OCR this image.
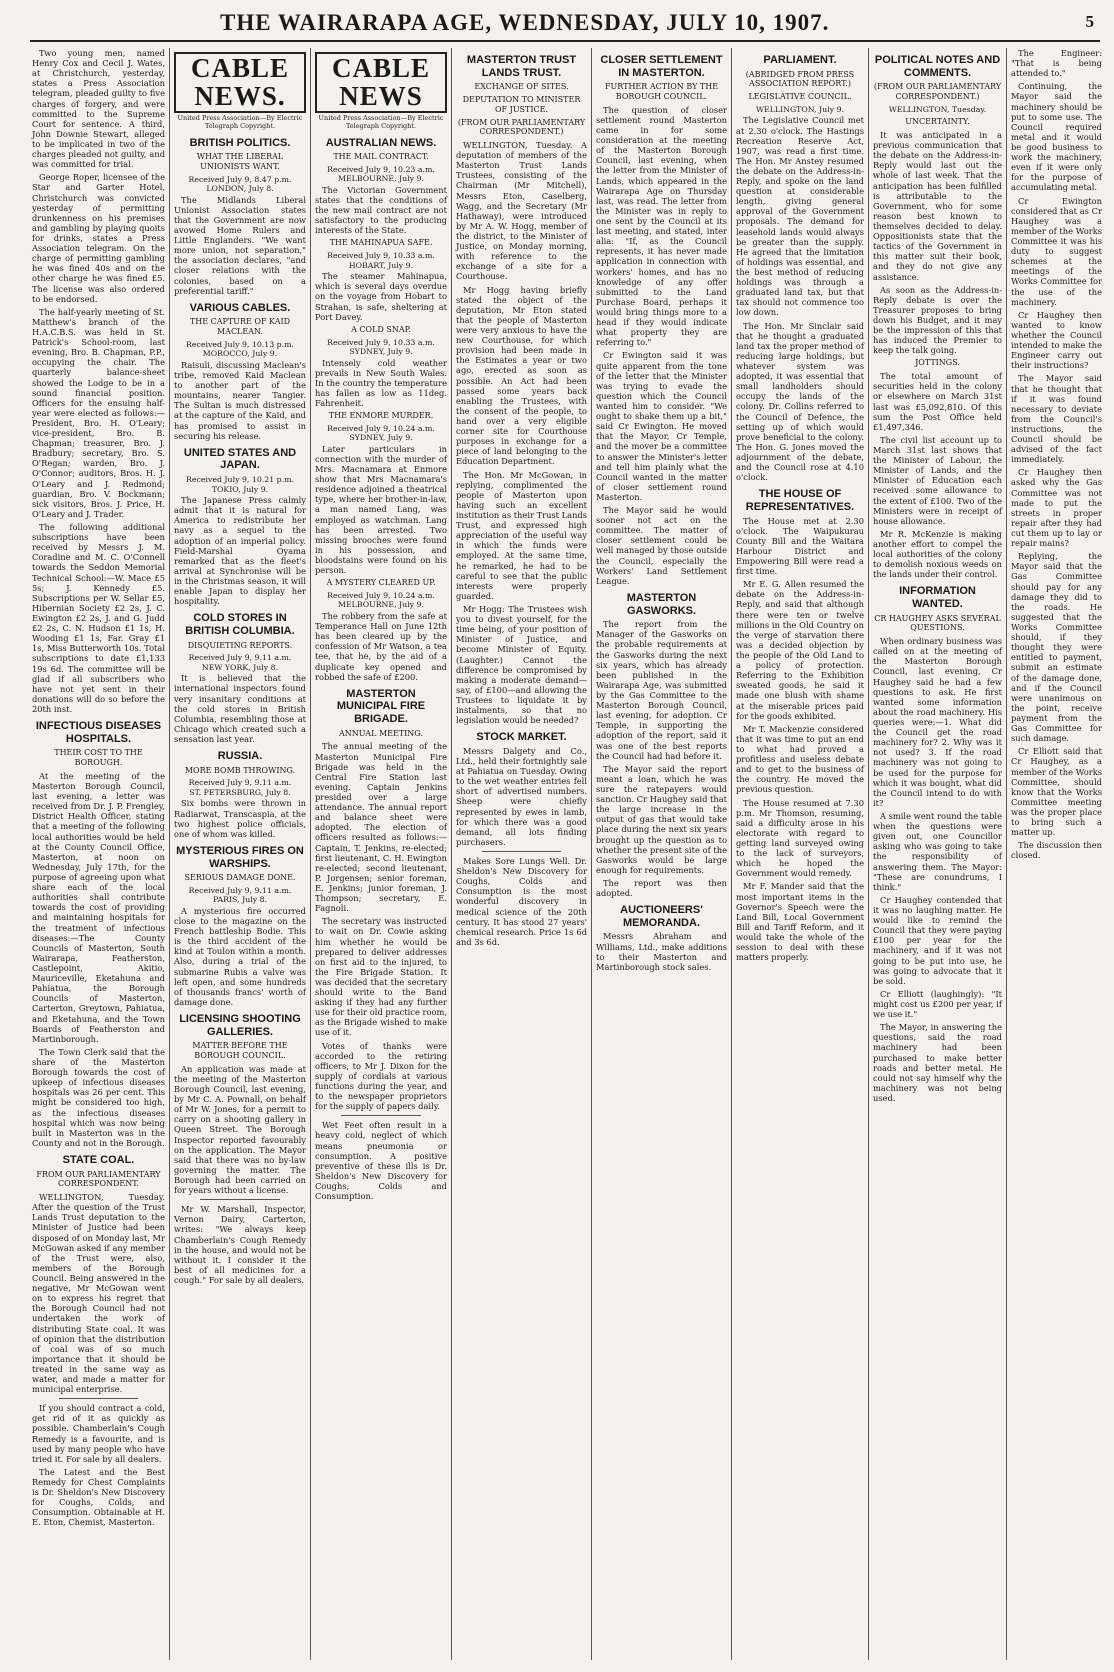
THE WAIRARAPA AGE, WEDNESDAY, JULY 10, 1907.	5

Two young men, named Henry Cox and Cecil J. Wates, at Christchurch, yesterday, states a Press Association telegram, pleaded guilty to five charges of forgery, and were committed to the Supreme Court for sentence. A third, John Downie Stewart, alleged to be implicated in two of the charges pleaded not guilty, and was committed for trial.

George Roper, licensee of the Star and Garter Hotel, Christchurch was convicted yesterday of permitting drunkenness on his premises and gambling by playing quoits for drinks, states a Press Association telegram. On the charge of permitting gambling he was fined 40s and on the other charge he was fined £5. The license was also ordered to be endorsed.

The half-yearly meeting of St. Matthew's branch of the H.A.C.B.S. was held in St. Patrick's School-room, last evening, Bro. B. Chapman, P.P., occupying the chair. The quarterly balance-sheet showed the Lodge to be in a sound financial position. Officers for the ensuing half-year were elected as follows:—President, Bro. H. O'Leary; vice-president, Bro. B. Chapman; treasurer, Bro. J. Bradbury; secretary, Bro. S. O'Regan; warden, Bro. J. O'Connor; auditors, Bros. H. J. O'Leary and J. Redmond; guardian, Bro. V. Bockmann; sick visitors, Bros. J. Price, H. O'Leary and J. Trader.

The following additional subscriptions have been received by Messrs J. M. Coradine and M. C. O'Connell towards the Seddon Memorial Technical School:—W. Mace £5 5s; J. Kennedy £5. Subscriptions per W. Sellar £5, Hibernian Society £2 2s, J. C. Ewington £2 2s, J. and G. Judd £2 2s, C. N. Hudson £1 1s, H. Wooding £1 1s, Far. Gray £1 1s, Miss Butterworth 10s. Total subscriptions to date £1,133 19s 6d. The committee will be glad if all subscribers who have not yet sent in their donations will do so before the 20th inst.

INFECTIOUS DISEASES HOSPITALS.
THEIR COST TO THE BOROUGH.

At the meeting of the Masterton Borough Council, last evening, a letter was received from Dr. J. P. Frengley, District Health Officer, stating that a meeting of the following local authorities would be held at the County Council Office, Masterton, at noon on Wednesday, July 17th, for the purpose of agreeing upon what share each of the local authorities shall contribute towards the cost of providing and maintaining hospitals for the treatment of infectious diseases:—The County Councils of Masterton, South Wairarapa, Featherston, Castlepoint, Akitio, Mauriceville, Eketahuna and Pahiatua, the Borough Councils of Masterton, Carterton, Greytown, Pahiatua, and Eketahuna, and the Town Boards of Featherston and Martinborough.

The Town Clerk said that the share of the Masterton Borough towards the cost of upkeep of infectious diseases hospitals was 26 per cent. This might be considered too high, as the infectious diseases hospital which was now being built in Masterton was in the County and not in the Borough.

STATE COAL.
FROM OUR PARLIAMENTARY CORRESPONDENT.

WELLINGTON, Tuesday. After the question of the Trust Lands Trust deputation to the Minister of Justice had been disposed of on Monday last, Mr McGowan asked if any member of the Trust were, also, members of the Borough Council. Being answered in the negative, Mr McGowan went on to express his regret that the Borough Council had not undertaken the work of distributing State coal. It was of opinion that the distribution of coal was of so much importance that it should be treated in the same way as water, and made a matter for municipal enterprise.

If you should contract a cold, get rid of it as quickly as possible. Chamberlain's Cough Remedy is a favourite, and is used by many people who have tried it. For sale by all dealers.

The Latest and the Best Remedy for Chest Complaints is Dr. Sheldon's New Discovery for Coughs, Colds, and Consumption. Obtainable at H. E. Eton, Chemist, Masterton.

CABLE NEWS.
United Press Association—By Electric Telegraph Copyright.
BRITISH POLITICS.
WHAT THE LIBERAL UNIONISTS WANT.
Received July 9, 8.47 p.m.
LONDON, July 8.

The Midlands Liberal Unionist Association states that the Government are now avowed Home Rulers and Little Englanders. "We want more union, not separation," the association declares, "and closer relations with the colonies, based on a preferential tariff."

VARIOUS CABLES.
THE CAPTURE OF KAID MACLEAN.
Received July 9, 10.13 p.m.
MOROCCO, July 9.

Raisuli, discussing Maclean's tribe, removed Kaid Maclean to another part of the mountains, nearer Tangier. The Sultan is much distressed at the capture of the Kaid, and has promised to assist in securing his release.

UNITED STATES AND JAPAN.
Received July 9, 10.21 p.m.
TOKIO, July 9.

The Japanese Press calmly admit that it is natural for America to redistribute her navy as a sequel to the adoption of an imperial policy. Field-Marshal Oyama remarked that as the fleet's arrival at Synchronise will be in the Christmas season, it will enable Japan to display her hospitality.

COLD STORES IN BRITISH COLUMBIA.
DISQUIETING REPORTS.
Received July 9, 9.11 a.m.
NEW YORK, July 8.

It is believed that the international inspectors found very insanitary conditions at the cold stores in British Columbia, resembling those at Chicago which created such a sensation last year.

RUSSIA.
MORE BOMB THROWING.
Received July 9, 9.11 a.m.
ST. PETERSBURG, July 8.

Six bombs were thrown in Radiarwat, Transcaspia, at the two highest police officials, one of whom was killed.

MYSTERIOUS FIRES ON WARSHIPS.
SERIOUS DAMAGE DONE.
Received July 9, 9.11 a.m.
PARIS, July 8.

A mysterious fire occurred close to the magazine on the French battleship Bodie. This is the third accident of the kind at Toulon within a month. Also, during a trial of the submarine Rubis a valve was left open, and some hundreds of thousands francs' worth of damage done.

LICENSING SHOOTING GALLERIES.
MATTER BEFORE THE BOROUGH COUNCIL.

An application was made at the meeting of the Masterton Borough Council, last evening, by Mr C. A. Pownall, on behalf of Mr W. Jones, for a permit to carry on a shooting gallery in Queen Street. The Borough Inspector reported favourably on the application. The Mayor said that there was no by-law governing the matter. The Borough had been carried on for years without a license.

Mr W. Marshall, Inspector, Vernon Dairy, Carterton, writes: "We always keep Chamberlain's Cough Remedy in the house, and would not be without it. I consider it the best of all medicines for a cough." For sale by all dealers.

CABLE NEWS
United Press Association—By Electric Telegraph Copyright.
AUSTRALIAN NEWS.
THE MAIL CONTRACT.
Received July 9, 10.23 a.m.
MELBOURNE, July 9.

The Victorian Government states that the conditions of the new mail contract are not satisfactory to the producing interests of the State.

THE MAHINAPUA SAFE.
Received July 9, 10.33 a.m.
HOBART, July 9.

The steamer Mahinapua, which is several days overdue on the voyage from Hobart to Strahan, is safe, sheltering at Port Davey.

A COLD SNAP.
Received July 9, 10.33 a.m.
SYDNEY, July 9.

Intensely cold weather prevails in New South Wales. In the country the temperature has fallen as low as 11deg. Fahrenheit.

THE ENMORE MURDER.
Received July 9, 10.24 a.m.
SYDNEY, July 9.

Later particulars in connection with the murder of Mrs. Macnamara at Enmore show that Mrs Macnamara's residence adjoined a theatrical type, where her brother-in-law, a man named Lang, was employed as watchman. Lang has been arrested. Two missing brooches were found in his possession, and bloodstains were found on his person.

A MYSTERY CLEARED UP.
Received July 9, 10.24 a.m.
MELBOURNE, July 9.

The robbery from the safe at Temperance Hall on June 12th has been cleared up by the confession of Mr Watson, a tea tee, that he, by the aid of a duplicate key opened and robbed the safe of £200.

MASTERTON MUNICIPAL FIRE BRIGADE.
ANNUAL MEETING.

The annual meeting of the Masterton Municipal Fire Brigade was held in the Central Fire Station last evening. Captain Jenkins presided over a large attendance. The annual report and balance sheet were adopted. The election of officers resulted as follows:—Captain, T. Jenkins, re-elected; first lieutenant, C. H. Ewington re-elected; second lieutenant, P. Jorgensen; senior foreman, E. Jenkins; junior foreman, J. Thompson; secretary, E. Fagnoli.

The secretary was instructed to wait on Dr. Cowie asking him whether he would be prepared to deliver addresses on first aid to the injured, to the Fire Brigade Station. It was decided that the secretary should write to the Band asking if they had any further use for their old practice room, as the Brigade wished to make use of it.

Votes of thanks were accorded to the retiring officers, to Mr J. Dixon for the supply of cordials at various functions during the year, and to the newspaper proprietors for the supply of papers daily.

Wet Feet often result in a heavy cold, neglect of which means pneumonia or consumption. A positive preventive of these ills is Dr. Sheldon's New Discovery for Coughs, Colds and Consumption.

MASTERTON TRUST LANDS TRUST.
EXCHANGE OF SITES.
DEPUTATION TO MINISTER OF JUSTICE.
(FROM OUR PARLIAMENTARY CORRESPONDENT.)

WELLINGTON, Tuesday. A deputation of members of the Masterton Trust Lands Trustees, consisting of the Chairman (Mr Mitchell), Messrs Eton, Caselberg, Wagg, and the Secretary (Mr Hathaway), were introduced by Mr A. W. Hogg, member of the district, to the Minister of Justice, on Monday morning, with reference to the exchange of a site for a Courthouse.

Mr Hogg having briefly stated the object of the deputation, Mr Eton stated that the people of Masterton were very anxious to have the new Courthouse, for which provision had been made in the Estimates a year or two ago, erected as soon as possible. An Act had been passed some years back enabling the Trustees, with the consent of the people, to hand over a very eligible corner site for Courthouse purposes in exchange for a piece of land belonging to the Education Department.

The Hon. Mr McGowan, in replying, complimented the people of Masterton upon having such an excellent institution as their Trust Lands Trust, and expressed high appreciation of the useful way in which the funds were employed. At the same time, he remarked, he had to be careful to see that the public interests were properly guarded.

Mr Hogg: The Trustees wish you to divest yourself, for the time being, of your position of Minister of Justice, and become Minister of Equity. (Laughter.) Cannot the difference be compromised by making a moderate demand—say, of £100—and allowing the Trustees to liquidate it by instalments, so that no legislation would be needed?

STOCK MARKET.

Messrs Dalgety and Co., Ltd., held their fortnightly sale at Pahiatua on Tuesday. Owing to the wet weather entries fell short of advertised numbers. Sheep were chiefly represented by ewes in lamb, for which there was a good demand, all lots finding purchasers.

Makes Sore Lungs Well. Dr. Sheldon's New Discovery for Coughs, Colds and Consumption is the most wonderful discovery in medical science of the 20th century. It has stood 27 years' chemical research. Price 1s 6d and 3s 6d.

CLOSER SETTLEMENT IN MASTERTON.
FURTHER ACTION BY THE BOROUGH COUNCIL.

The question of closer settlement round Masterton came in for some consideration at the meeting of the Masterton Borough Council, last evening, when the letter from the Minister of Lands, which appeared in the Wairarapa Age on Thursday last, was read. The letter from the Minister was in reply to one sent by the Council at its last meeting, and stated, inter alia: "If, as the Council represents, it has never made application in connection with workers' homes, and has no knowledge of any offer submitted to the Land Purchase Board, perhaps it would bring things more to a head if they would indicate what property they are referring to."

Cr Ewington said it was quite apparent from the tone of the letter that the Minister was trying to evade the question which the Council wanted him to consider. "We ought to shake them up a bit," said Cr Ewington. He moved that the Mayor, Cr Temple, and the mover be a committee to answer the Minister's letter and tell him plainly what the Council wanted in the matter of closer settlement round Masterton.

The Mayor said he would sooner not act on the committee. The matter of closer settlement could be well managed by those outside the Council, especially the Workers' Land Settlement League.

MASTERTON GASWORKS.

The report from the Manager of the Gasworks on the probable requirements at the Gasworks during the next six years, which has already been published in the Wairarapa Age, was submitted by the Gas Committee to the Masterton Borough Council, last evening, for adoption. Cr Temple, in supporting the adoption of the report, said it was one of the best reports the Council had had before it.

The Mayor said the report meant a loan, which he was sure the ratepayers would sanction. Cr Haughey said that the large increase in the output of gas that would take place during the next six years brought up the question as to whether the present site of the Gasworks would be large enough for requirements.

The report was then adopted.

AUCTIONEERS' MEMORANDA.

Messrs Abraham and Williams, Ltd., make additions to their Masterton and Martinborough stock sales.

PARLIAMENT.
(ABRIDGED FROM PRESS ASSOCIATION REPORT.)
LEGISLATIVE COUNCIL.
WELLINGTON, July 9.

The Legislative Council met at 2.30 o'clock. The Hastings Recreation Reserve Act, 1907, was read a first time. The Hon. Mr Anstey resumed the debate on the Address-in-Reply, and spoke on the land question at considerable length, giving general approval of the Government proposals. The demand for leasehold lands would always be greater than the supply. He agreed that the limitation of holdings was essential, and the best method of reducing holdings was through a graduated land tax, but that tax should not commence too low down.

The Hon. Mr Sinclair said that he thought a graduated land tax the proper method of reducing large holdings, but whatever system was adopted, it was essential that small landholders should occupy the lands of the colony. Dr. Collins referred to the Council of Defence, the setting up of which would prove beneficial to the colony. The Hon. G. Jones moved the adjournment of the debate, and the Council rose at 4.10 o'clock.

THE HOUSE OF REPRESENTATIVES.

The House met at 2.30 o'clock. The Waipukurau County Bill and the Waitara Harbour District and Empowering Bill were read a first time.

Mr E. G. Allen resumed the debate on the Address-in-Reply, and said that although there were ten or twelve millions in the Old Country on the verge of starvation there was a decided objection by the people of the Old Land to a policy of protection. Referring to the Exhibition sweated goods, he said it made one blush with shame at the miserable prices paid for the goods exhibited.

Mr T. Mackenzie considered that it was time to put an end to what had proved a profitless and useless debate and to get to the business of the country. He moved the previous question.

The House resumed at 7.30 p.m. Mr Thomson, resuming, said a difficulty arose in his electorate with regard to getting land surveyed owing to the lack of surveyors, which he hoped the Government would remedy.

Mr F. Mander said that the most important items in the Governor's Speech were the Land Bill, Local Government Bill and Tariff Reform, and it would take the whole of the session to deal with these matters properly.

POLITICAL NOTES AND COMMENTS.
(FROM OUR PARLIAMENTARY CORRESPONDENT.)
WELLINGTON, Tuesday.
UNCERTAINTY.

It was anticipated in a previous communication that the debate on the Address-in-Reply would last out the whole of last week. That the anticipation has been fulfilled is attributable to the Government, who for some reason best known to themselves decided to delay. Oppositionists state that the tactics of the Government in this matter suit their book, and they do not give any assistance.

As soon as the Address-in-Reply debate is over the Treasurer proposes to bring down his Budget, and it may be the impression of this that has induced the Premier to keep the talk going.

JOTTINGS.

The total amount of securities held in the colony or elsewhere on March 31st last was £5,092,810. Of this sum the Post Office held £1,497,346.

The civil list account up to March 31st last shows that the Minister of Labour, the Minister of Lands, and the Minister of Education each received some allowance to the extent of £100. Two of the Ministers were in receipt of house allowance.

Mr R. McKenzie is making another effort to compel the local authorities of the colony to demolish noxious weeds on the lands under their control.

INFORMATION WANTED.
CR HAUGHEY ASKS SEVERAL QUESTIONS.

When ordinary business was called on at the meeting of the Masterton Borough Council, last evening, Cr Haughey said he had a few questions to ask. He first wanted some information about the road machinery. His queries were:—1. What did the Council get the road machinery for? 2. Why was it not used? 3. If the road machinery was not going to be used for the purpose for which it was bought, what did the Council intend to do with it?

A smile went round the table when the questions were given out, one Councillor asking who was going to take the responsibility of answering them. The Mayor: "These are conundrums, I think."

Cr Haughey contended that it was no laughing matter. He would like to remind the Council that they were paying £100 per year for the machinery, and if it was not going to be put into use, he was going to advocate that it be sold.

Cr Elliott (laughingly): "It might cost us £200 per year, if we use it."

The Mayor, in answering the questions, said the road machinery had been purchased to make better roads and better metal. He could not say himself why the machinery was not being used.

The Engineer: "That is being attended to."

Continuing, the Mayor said the machinery should be put to some use. The Council required metal and it would be good business to work the machinery, even if it were only for the purpose of accumulating metal.

Cr Ewington considered that as Cr Haughey was a member of the Works Committee it was his duty to suggest schemes at the meetings of the Works Committee for the use of the machinery.

Cr Haughey then wanted to know whether the Council intended to make the Engineer carry out their instructions?

The Mayor said that he thought that if it was found necessary to deviate from the Council's instructions, the Council should be advised of the fact immediately.

Cr Haughey then asked why the Gas Committee was not made to put the streets in proper repair after they had cut them up to lay or repair mains?

Replying, the Mayor said that the Gas Committee should pay for any damage they did to the roads. He suggested that the Works Committee should, if they thought they were entitled to payment, submit an estimate of the damage done, and if the Council were unanimous on the point, receive payment from the Gas Committee for such damage.

Cr Elliott said that Cr Haughey, as a member of the Works Committee, should know that the Works Committee meeting was the proper place to bring such a matter up.

The discussion then closed.
